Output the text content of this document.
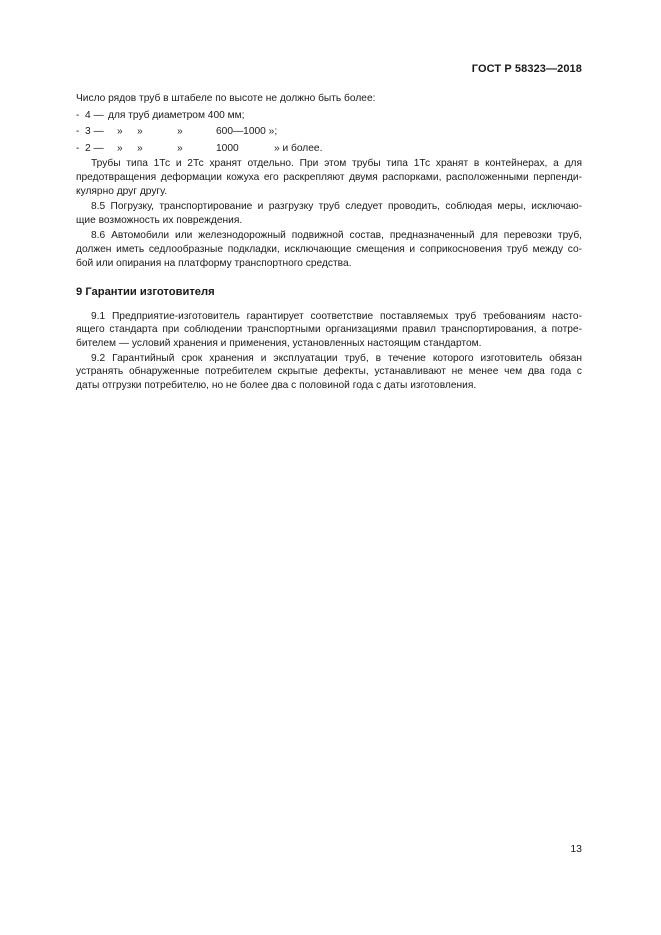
ГОСТ Р 58323—2018

Число рядов труб в штабеле по высоте не должно быть более:

- 4 — для труб диаметром 400 мм;
- 3 — » »	»	600—1000 »;
- 2 — » »	»	1000	» и более.
Трубы типа 1Тс и 2Тс хранят отдельно. При этом трубы типа 1Тс хранят в контейнерах, а для
предотвращения деформации кожуха его раскрепляют двумя распорками, расположенными перпенди-
кулярно друг другу.
8.5 Погрузку, транспортирование и разгрузку труб следует проводить, соблюдая меры, исключаю-
щие возможность их повреждения.
8.6 Автомобили или железнодорожный подвижной состав, предназначенный для перевозки труб,
должен иметь седлообразные подкладки, исключающие смещения и соприкосновения труб между со-
бой или опирания на платформу транспортного средства.
9 Гарантии изготовителя
9.1 Предприятие-изготовитель гарантирует соответствие поставляемых труб требованиям насто-
ящего стандарта при соблюдении транспортными организациями правил транспортирования, а потре-
бителем — условий хранения и применения, установленных настоящим стандартом.
9.2 Гарантийный срок хранения и эксплуатации труб, в течение которого изготовитель обязан
устранять обнаруженные потребителем скрытые дефекты, устанавливают не менее чем два года с
даты отгрузки потребителю, но не более два с половиной года с даты изготовления.
13
